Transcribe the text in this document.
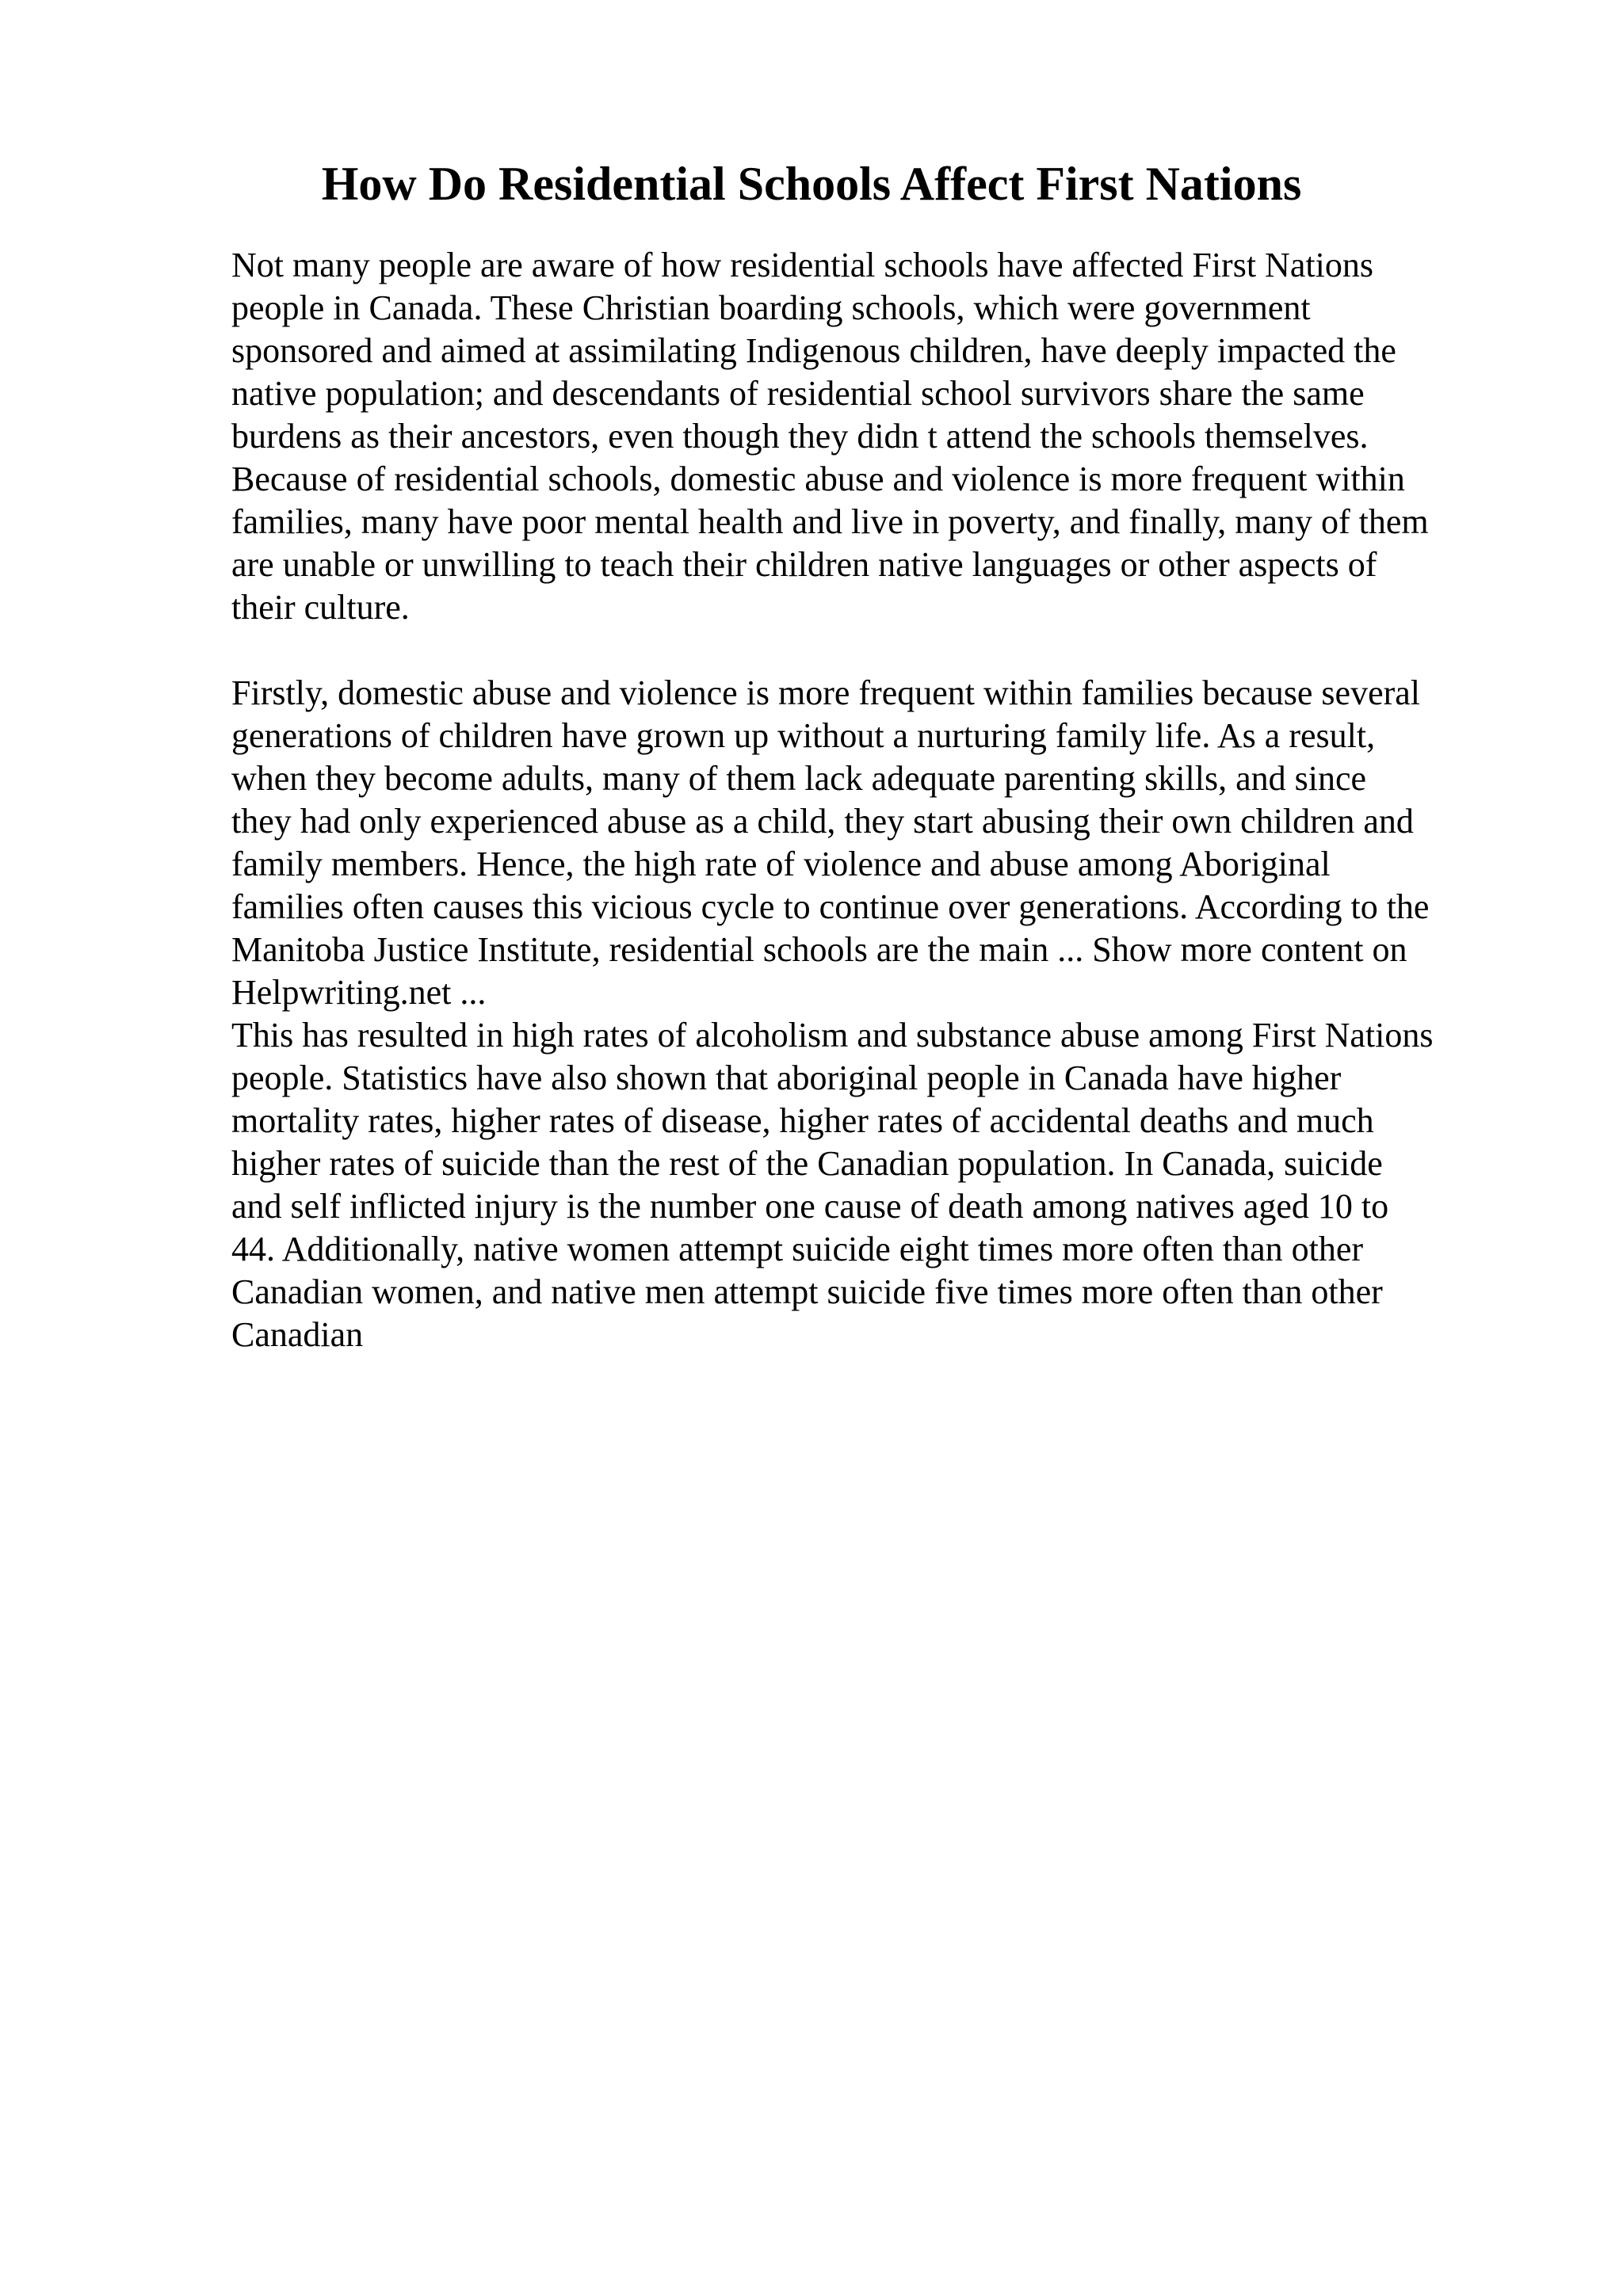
How Do Residential Schools Affect First Nations

Not many people are aware of how residential schools have affected First Nations
people in Canada. These Christian boarding schools, which were government
sponsored and aimed at assimilating Indigenous children, have deeply impacted the
native population; and descendants of residential school survivors share the same
burdens as their ancestors, even though they didn t attend the schools themselves.
Because of residential schools, domestic abuse and violence is more frequent within
families, many have poor mental health and live in poverty, and finally, many of them
are unable or unwilling to teach their children native languages or other aspects of
their culture.

Firstly, domestic abuse and violence is more frequent within families because several
generations of children have grown up without a nurturing family life. As a result,
when they become adults, many of them lack adequate parenting skills, and since
they had only experienced abuse as a child, they start abusing their own children and
family members. Hence, the high rate of violence and abuse among Aboriginal
families often causes this vicious cycle to continue over generations. According to the
Manitoba Justice Institute, residential schools are the main ... Show more content on
Helpwriting.net ...

This has resulted in high rates of alcoholism and substance abuse among First Nations
people. Statistics have also shown that aboriginal people in Canada have higher
mortality rates, higher rates of disease, higher rates of accidental deaths and much
higher rates of suicide than the rest of the Canadian population. In Canada, suicide
and self inflicted injury is the number one cause of death among natives aged 10 to
44. Additionally, native women attempt suicide eight times more often than other
Canadian women, and native men attempt suicide five times more often than other
Canadian
